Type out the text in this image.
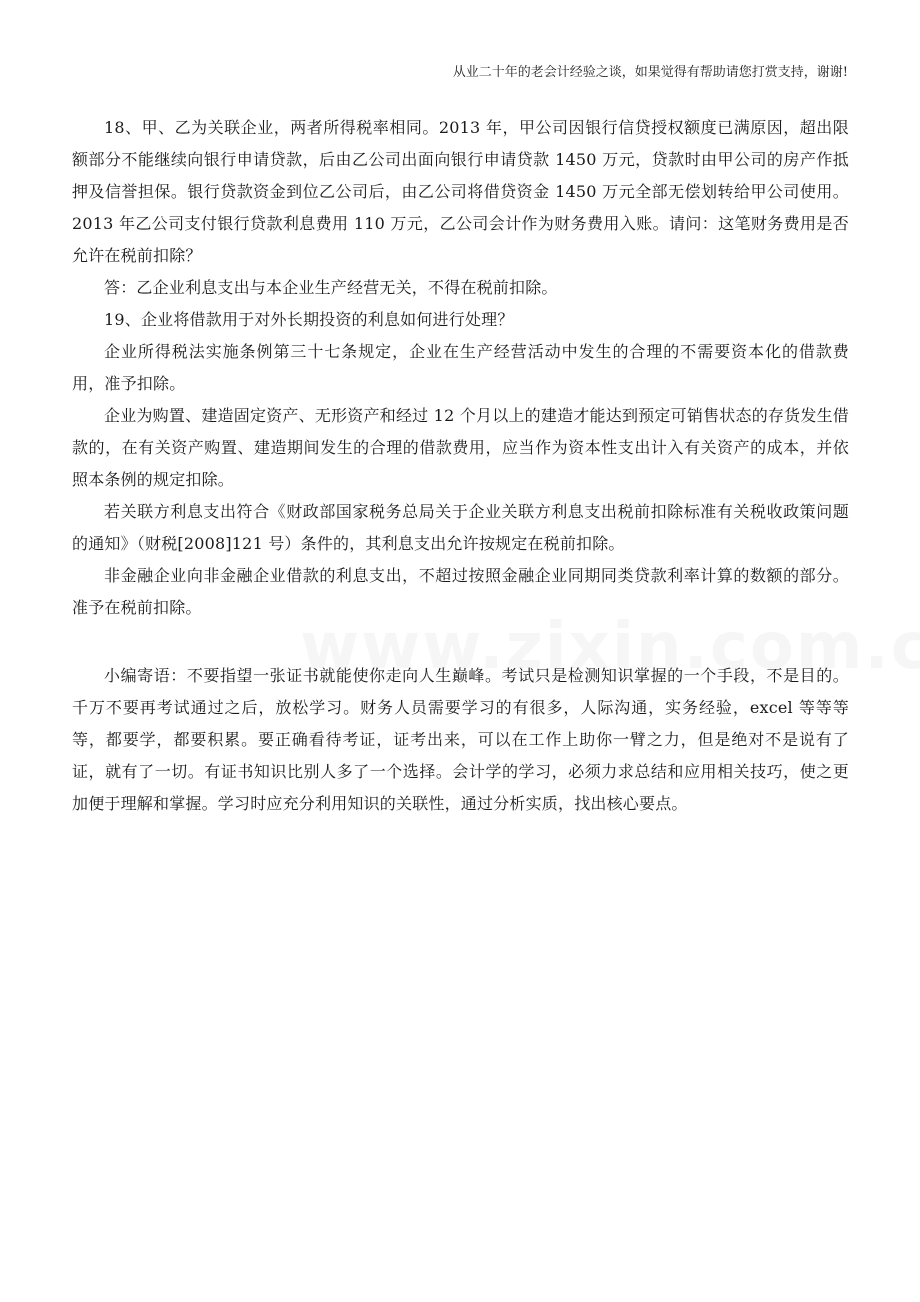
从业二十年的老会计经验之谈，如果觉得有帮助请您打赏支持，谢谢!

18、甲、乙为关联企业，两者所得税率相同。2013 年，甲公司因银行信贷授权额度已满原因，超出限额部分不能继续向银行申请贷款，后由乙公司出面向银行申请贷款 1450 万元，贷款时由甲公司的房产作抵押及信誉担保。银行贷款资金到位乙公司后，由乙公司将借贷资金 1450 万元全部无偿划转给甲公司使用。2013 年乙公司支付银行贷款利息费用 110 万元，乙公司会计作为财务费用入账。请问：这笔财务费用是否允许在税前扣除？

答：乙企业利息支出与本企业生产经营无关，不得在税前扣除。

19、企业将借款用于对外长期投资的利息如何进行处理？

企业所得税法实施条例第三十七条规定，企业在生产经营活动中发生的合理的不需要资本化的借款费用，准予扣除。

企业为购置、建造固定资产、无形资产和经过 12 个月以上的建造才能达到预定可销售状态的存货发生借款的，在有关资产购置、建造期间发生的合理的借款费用，应当作为资本性支出计入有关资产的成本，并依照本条例的规定扣除。

若关联方利息支出符合《财政部国家税务总局关于企业关联方利息支出税前扣除标准有关税收政策问题的通知》（财税[2008]121 号）条件的，其利息支出允许按规定在税前扣除。

非金融企业向非金融企业借款的利息支出，不超过按照金融企业同期同类贷款利率计算的数额的部分。准予在税前扣除。

小编寄语：不要指望一张证书就能使你走向人生巅峰。考试只是检测知识掌握的一个手段，不是目的。千万不要再考试通过之后，放松学习。财务人员需要学习的有很多，人际沟通，实务经验，excel 等等等等，都要学，都要积累。要正确看待考证，证考出来，可以在工作上助你一臂之力，但是绝对不是说有了证，就有了一切。有证书知识比别人多了一个选择。会计学的学习，必须力求总结和应用相关技巧，使之更加便于理解和掌握。学习时应充分利用知识的关联性，通过分析实质，找出核心要点。
